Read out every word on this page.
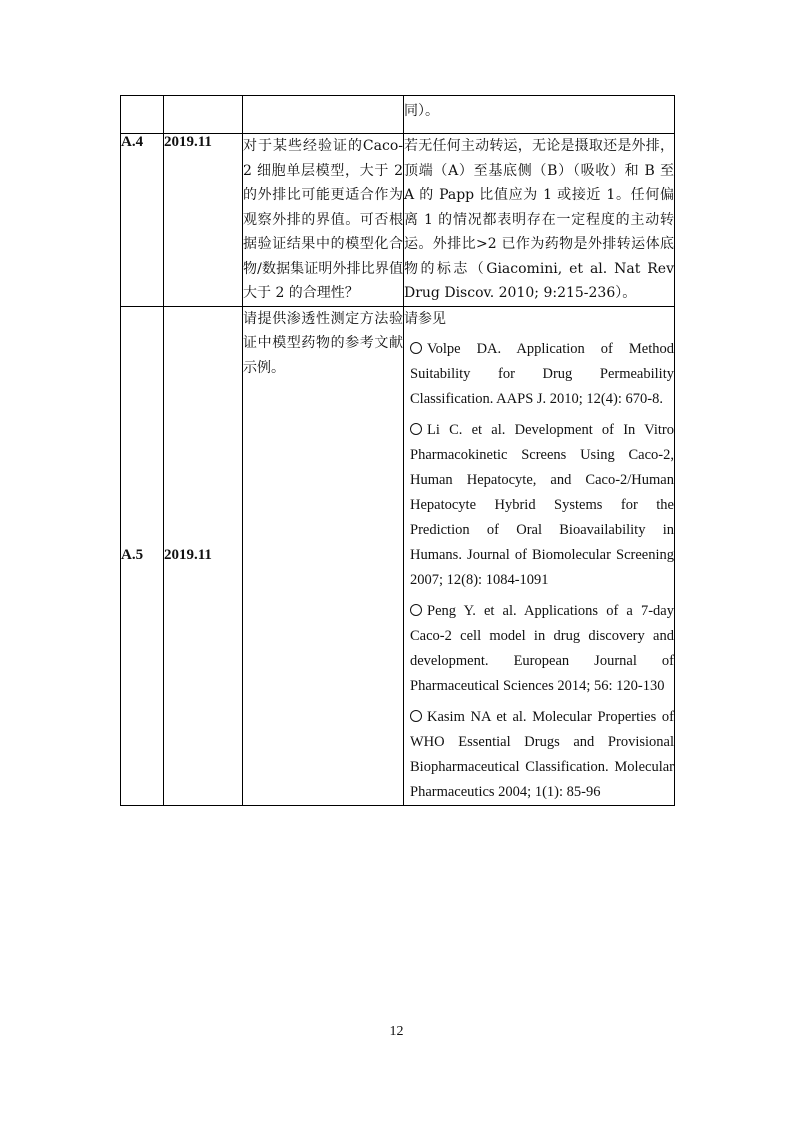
			同）。
A.4	2019.11	对于某些经验证的Caco-2 细胞单层模型，大于 2 的外排比可能更适合作为观察外排的界值。可否根据验证结果中的模型化合物/数据集证明外排比界值大于 2 的合理性？	若无任何主动转运，无论是摄取还是外排，顶端（A）至基底侧（B）（吸收）和 B 至 A 的 Papp 比值应为 1 或接近 1。任何偏离 1 的情况都表明存在一定程度的主动转运。外排比>2 已作为药物是外排转运体底物的标志（Giacomini, et al. Nat Rev Drug Discov. 2010; 9:215-236）。
A.5	2019.11	请提供渗透性测定方法验证中模型药物的参考文献示例。	请参见
Volpe DA. Application of Method Suitability for Drug Permeability Classification. AAPS J. 2010; 12(4): 670-8.
Li C. et al. Development of In Vitro Pharmacokinetic Screens Using Caco-2, Human Hepatocyte, and Caco-2/Human Hepatocyte Hybrid Systems for the Prediction of Oral Bioavailability in Humans. Journal of Biomolecular Screening 2007; 12(8): 1084-1091
Peng Y. et al. Applications of a 7-day Caco-2 cell model in drug discovery and development. European Journal of Pharmaceutical Sciences 2014; 56: 120-130
Kasim NA et al. Molecular Properties of WHO Essential Drugs and Provisional Biopharmaceutical Classification. Molecular Pharmaceutics 2004; 1(1): 85-96
12
